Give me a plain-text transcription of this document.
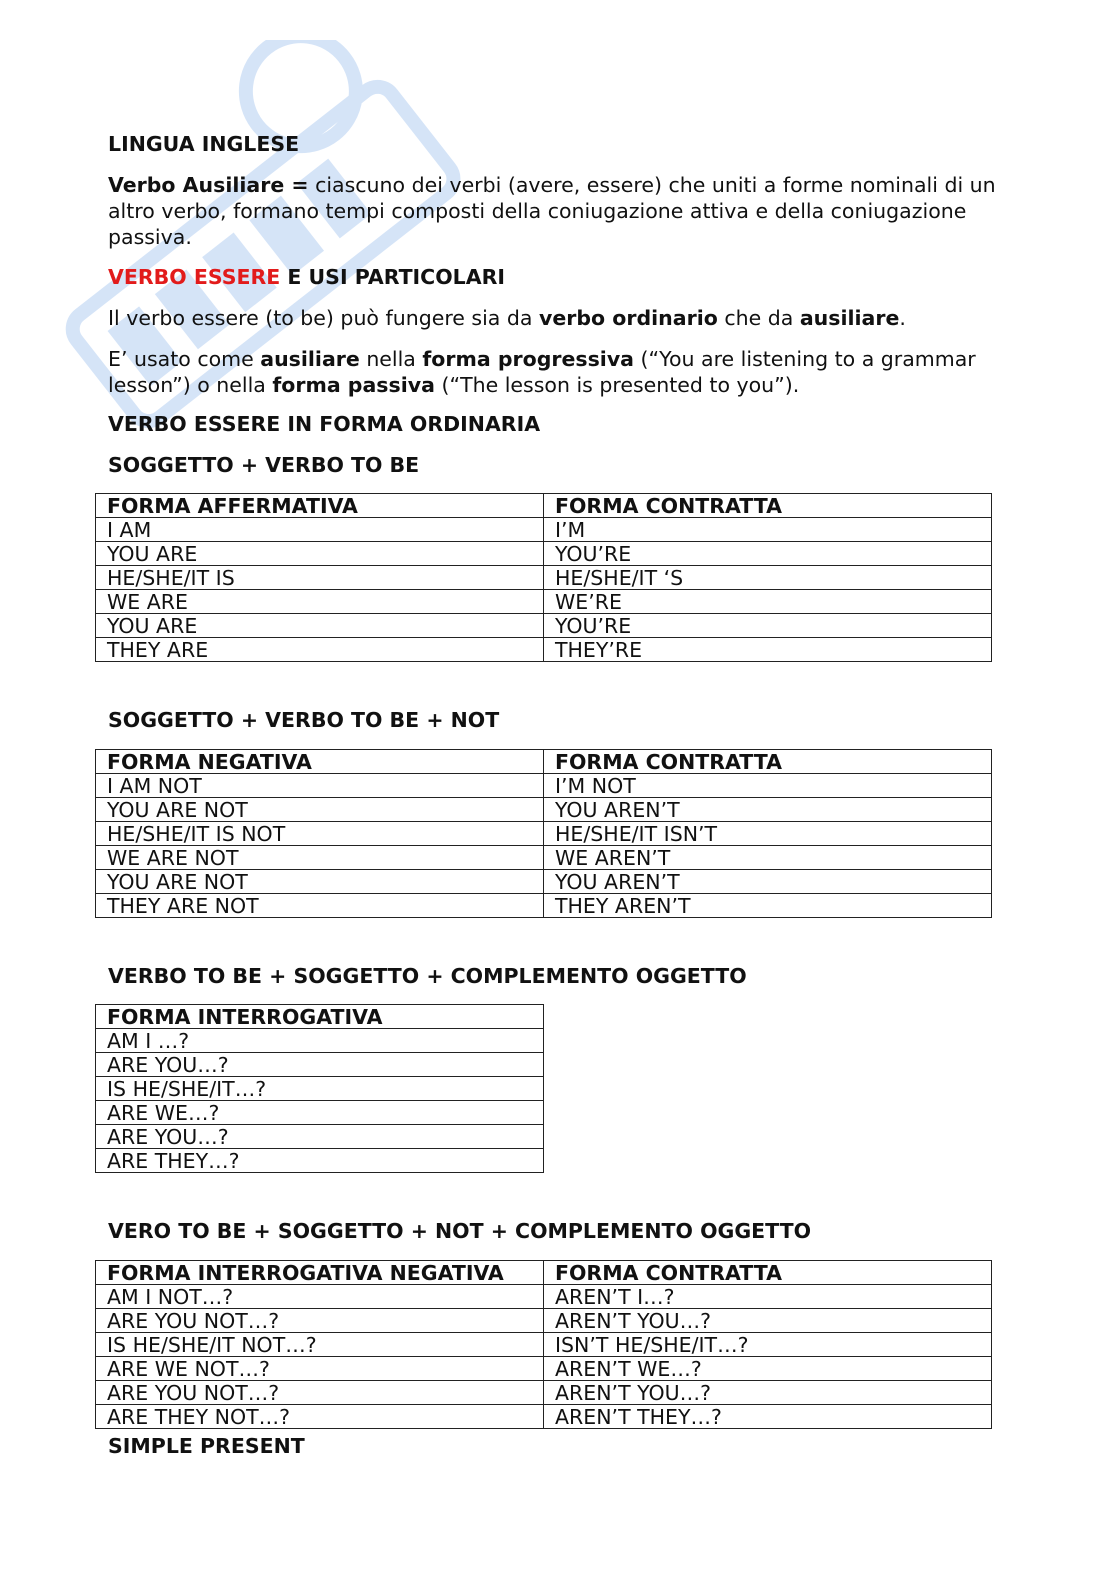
LINGUA INGLESE

Verbo Ausiliare = ciascuno dei verbi (avere, essere) che uniti a forme nominali di un altro verbo, formano tempi composti della coniugazione attiva e della coniugazione passiva.

VERBO ESSERE E USI PARTICOLARI

Il verbo essere (to be) può fungere sia da verbo ordinario che da ausiliare.

E’ usato come ausiliare nella forma progressiva (“You are listening to a grammar lesson”) o nella forma passiva (“The lesson is presented to you”).

VERBO ESSERE IN FORMA ORDINARIA

SOGGETTO + VERBO TO BE

SOGGETTO + VERBO TO BE + NOT

VERBO TO BE + SOGGETTO + COMPLEMENTO OGGETTO

VERO TO BE + SOGGETTO + NOT + COMPLEMENTO OGGETTO

SIMPLE PRESENT

FORMA AFFERMATIVA	FORMA CONTRATTA
I AM	I’M
YOU ARE	YOU’RE
HE/SHE/IT IS	HE/SHE/IT ‘S
WE ARE	WE’RE
YOU ARE	YOU’RE
THEY ARE	THEY’RE
FORMA NEGATIVA	FORMA CONTRATTA
I AM NOT	I’M NOT
YOU ARE NOT	YOU AREN’T
HE/SHE/IT IS NOT	HE/SHE/IT ISN’T
WE ARE NOT	WE AREN’T
YOU ARE NOT	YOU AREN’T
THEY ARE NOT	THEY AREN’T
FORMA INTERROGATIVA
AM I …?
ARE YOU…?
IS HE/SHE/IT…?
ARE WE…?
ARE YOU…?
ARE THEY…?
FORMA INTERROGATIVA NEGATIVA	FORMA CONTRATTA
AM I NOT…?	AREN’T I…?
ARE YOU NOT…?	AREN’T YOU…?
IS HE/SHE/IT NOT…?	ISN’T HE/SHE/IT…?
ARE WE NOT…?	AREN’T WE…?
ARE YOU NOT…?	AREN’T YOU…?
ARE THEY NOT…?	AREN’T THEY…?
